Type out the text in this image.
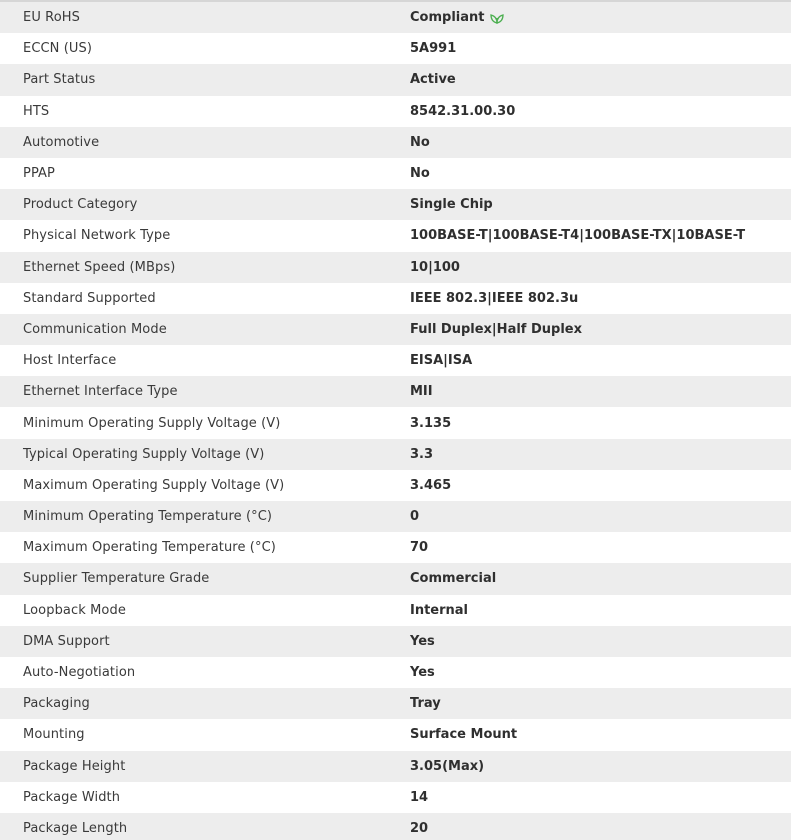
EU RoHS	Compliant

ECCN (US)	5A991
Part Status	Active
HTS	8542.31.00.30
Automotive	No
PPAP	No
Product Category	Single Chip
Physical Network Type	100BASE-T|100BASE-T4|100BASE-TX|10BASE-T
Ethernet Speed (MBps)	10|100
Standard Supported	IEEE 802.3|IEEE 802.3u
Communication Mode	Full Duplex|Half Duplex
Host Interface	EISA|ISA
Ethernet Interface Type	MII
Minimum Operating Supply Voltage (V)	3.135
Typical Operating Supply Voltage (V)	3.3
Maximum Operating Supply Voltage (V)	3.465
Minimum Operating Temperature (°C)	0
Maximum Operating Temperature (°C)	70
Supplier Temperature Grade	Commercial
Loopback Mode	Internal
DMA Support	Yes
Auto-Negotiation	Yes
Packaging	Tray
Mounting	Surface Mount
Package Height	3.05(Max)
Package Width	14
Package Length	20
